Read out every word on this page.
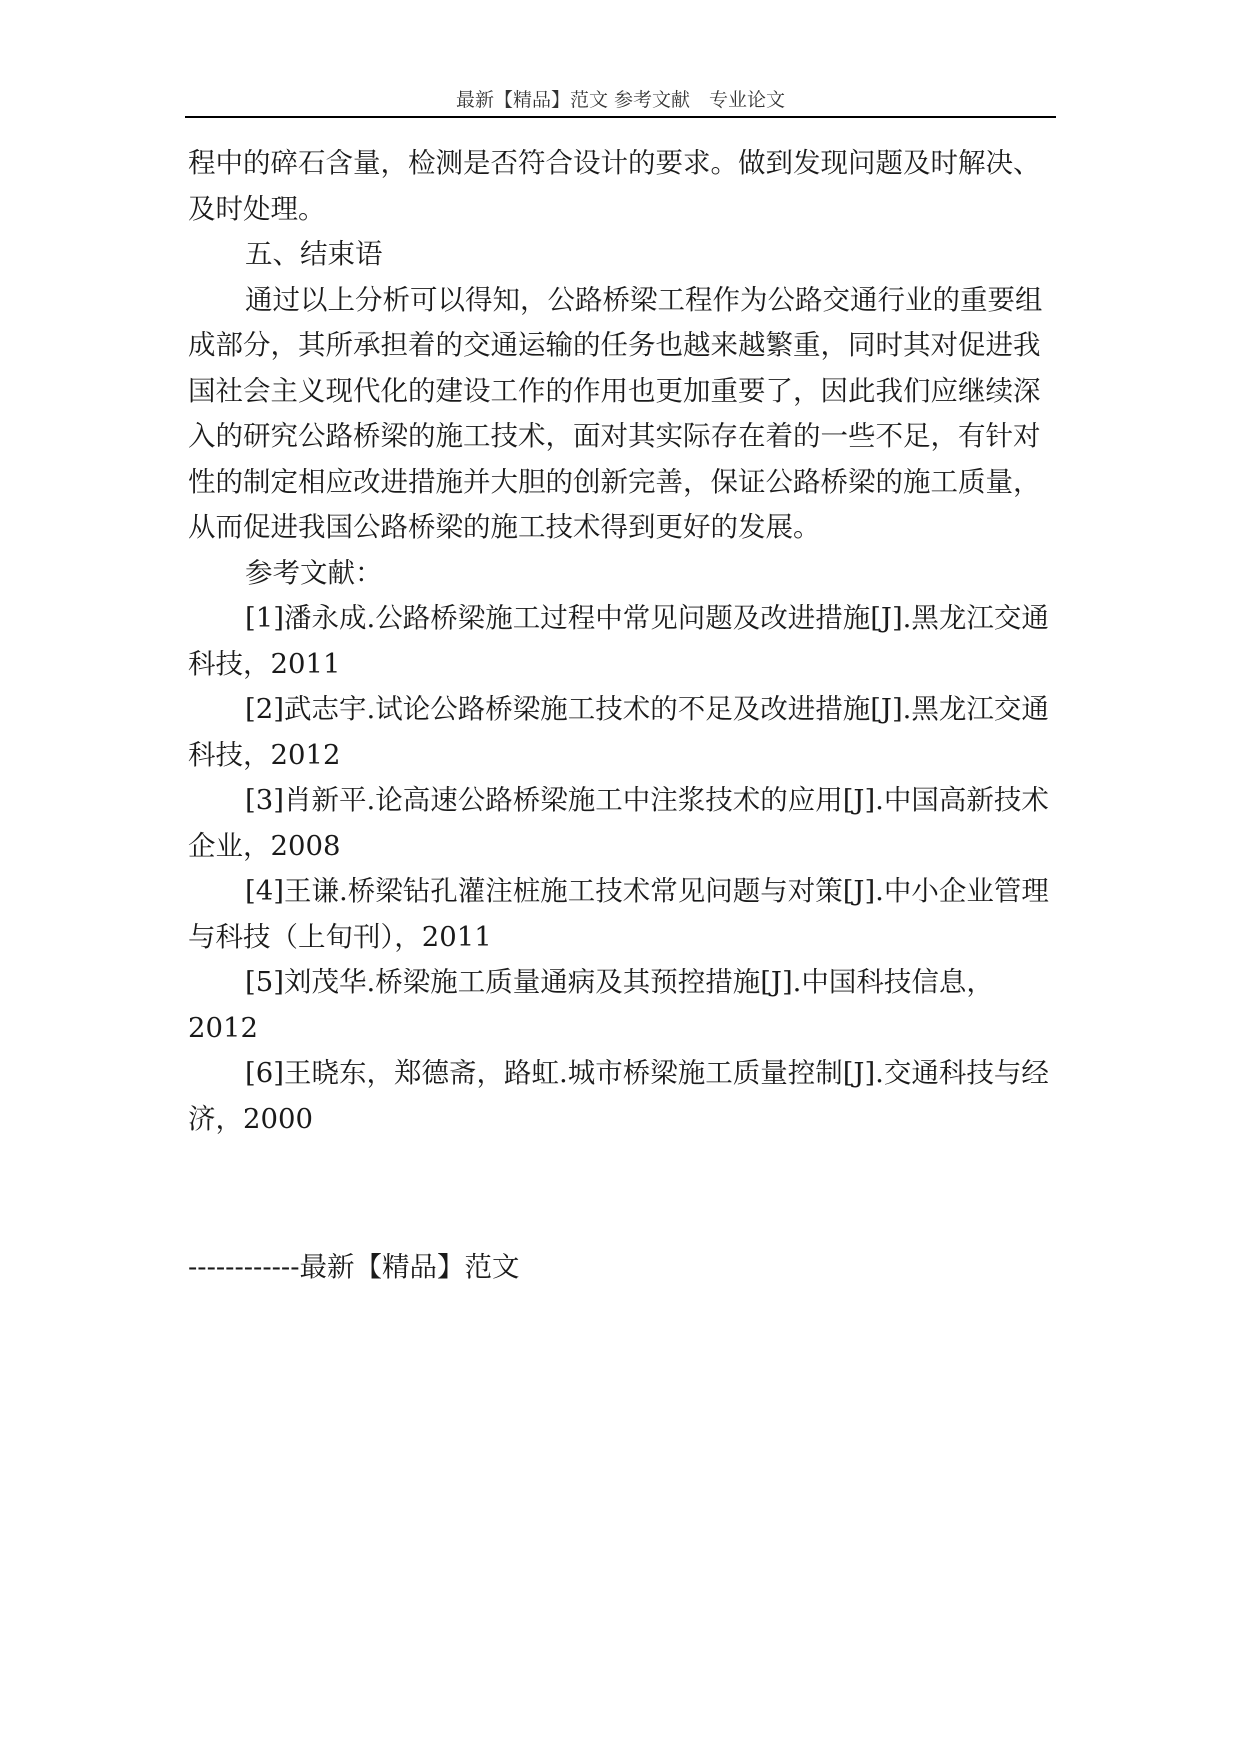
最新【精品】范文 参考文献　专业论文

程中的碎石含量，检测是否符合设计的要求。做到发现问题及时解决、及时处理。

五、结束语

通过以上分析可以得知，公路桥梁工程作为公路交通行业的重要组成部分，其所承担着的交通运输的任务也越来越繁重，同时其对促进我国社会主义现代化的建设工作的作用也更加重要了，因此我们应继续深入的研究公路桥梁的施工技术，面对其实际存在着的一些不足，有针对性的制定相应改进措施并大胆的创新完善，保证公路桥梁的施工质量，从而促进我国公路桥梁的施工技术得到更好的发展。

参考文献：

[1]潘永成.公路桥梁施工过程中常见问题及改进措施[J].黑龙江交通科技，2011

[2]武志宇.试论公路桥梁施工技术的不足及改进措施[J].黑龙江交通科技，2012

[3]肖新平.论高速公路桥梁施工中注浆技术的应用[J].中国高新技术企业，2008

[4]王谦.桥梁钻孔灌注桩施工技术常见问题与对策[J].中小企业管理与科技（上旬刊），2011

[5]刘茂华.桥梁施工质量通病及其预控措施[J].中国科技信息，2012

[6]王晓东，郑德斋，路虹.城市桥梁施工质量控制[J].交通科技与经济，2000

------------最新【精品】范文
